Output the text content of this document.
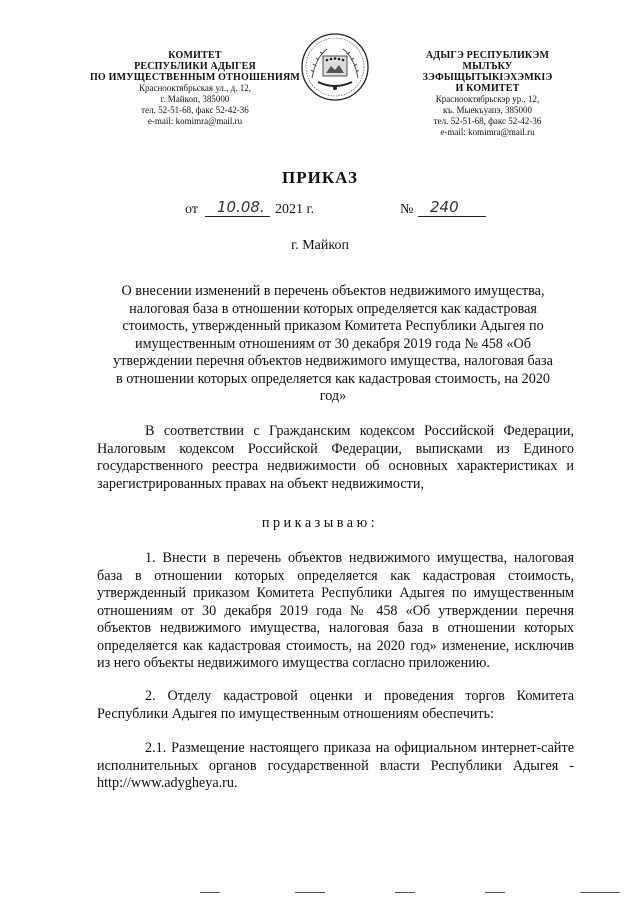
КОМИТЕТ
РЕСПУБЛИКИ АДЫГЕЯ
ПО ИМУЩЕСТВЕННЫМ ОТНОШЕНИЯМ
Краснооктябрьская ул., д. 12,
г. Майкоп, 385000
тел. 52-51-68, факс 52-42-36
e-mail: komimra@mail.ru
АДЫГЭ РЕСПУБЛИКЭМ
МЫЛЪКУ ЗЭФЫЩЫТЫКІЭХЭМКІЭ
И КОМИТЕТ
Краснооктябрьскэр ур., 12,
къ. Мыекъуапэ, 385000
тел. 52-51-68, факс 52-42-36
e-mail: komimra@mail.ru
ПРИКАЗ
от 10.08. 2021 г.	№ 240
г. Майкоп
О внесении изменений в перечень объектов недвижимого имущества, налоговая база в отношении которых определяется как кадастровая стоимость, утвержденный приказом Комитета Республики Адыгея по имущественным отношениям от 30 декабря 2019 года № 458 «Об утверждении перечня объектов недвижимого имущества, налоговая база в отношении которых определяется как кадастровая стоимость, на 2020 год»
В соответствии с Гражданским кодексом Российской Федерации, Налоговым кодексом Российской Федерации, выписками из Единого государственного реестра недвижимости об основных характеристиках и зарегистрированных правах на объект недвижимости,
приказываю:
1. Внести в перечень объектов недвижимого имущества, налоговая база в отношении которых определяется как кадастровая стоимость, утвержденный приказом Комитета Республики Адыгея по имущественным отношениям от 30 декабря 2019 года № 458 «Об утверждении перечня объектов недвижимого имущества, налоговая база в отношении которых определяется как кадастровая стоимость, на 2020 год» изменение, исключив из него объекты недвижимого имущества согласно приложению.
2. Отделу кадастровой оценки и проведения торгов Комитета Республики Адыгея по имущественным отношениям обеспечить:
2.1. Размещение настоящего приказа на официальном интернет-сайте исполнительных органов государственной власти Республики Адыгея - http://www.adygheya.ru.
